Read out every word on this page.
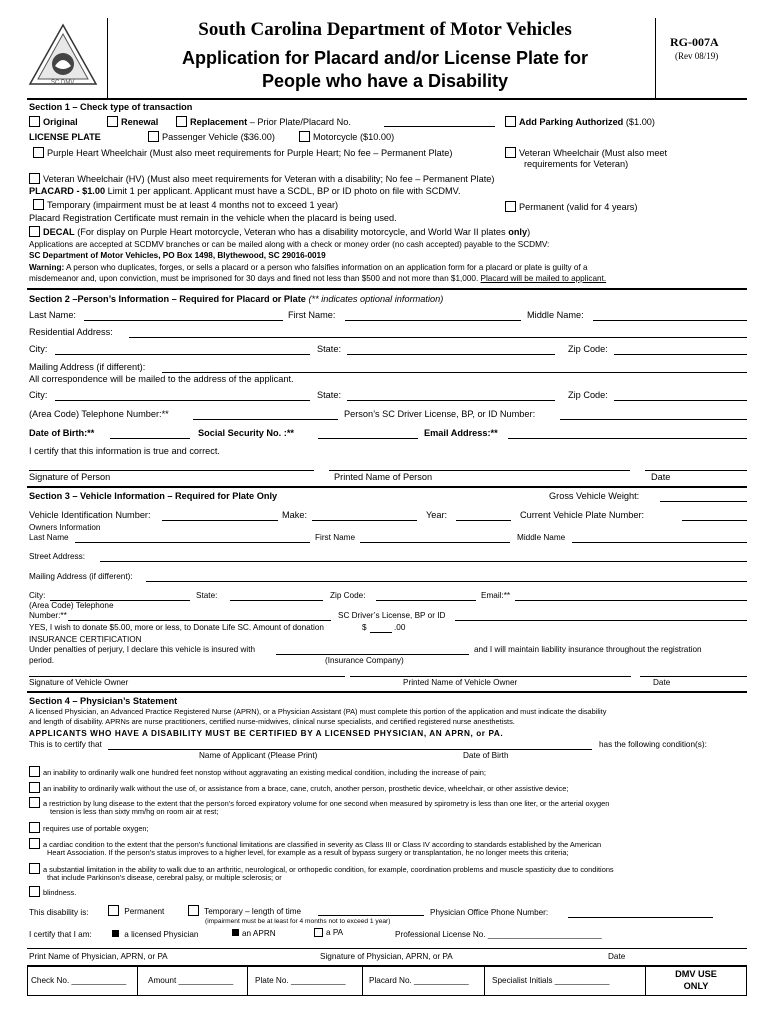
SC DMV
South Carolina Department of Motor Vehicles
Application for Placard and/or License Plate for
People who have a Disability
RG-007A
(Rev 08/19)
Section 1 – Check type of transaction
Original	Renewal	Replacement – Prior Plate/Placard No.	Add Parking Authorized ($1.00)
LICENSE PLATE	Passenger Vehicle ($36.00)	Motorcycle ($10.00)
Purple Heart Wheelchair (Must also meet requirements for Purple Heart; No fee – Permanent Plate)	Veteran Wheelchair (Must also meet
requirements for Veteran)
Veteran Wheelchair (HV) (Must also meet requirements for Veteran with a disability; No fee – Permanent Plate)
PLACARD - $1.00 Limit 1 per applicant. Applicant must have a SCDL, BP or ID photo on file with SCDMV.
Temporary (impairment must be at least 4 months not to exceed 1 year)	Permanent (valid for 4 years)
Placard Registration Certificate must remain in the vehicle when the placard is being used.
DECAL (For display on Purple Heart motorcycle, Veteran who has a disability motorcycle, and World War II plates only)
Applications are accepted at SCDMV branches or can be mailed along with a check or money order (no cash accepted) payable to the SCDMV:
SC Department of Motor Vehicles, PO Box 1498, Blythewood, SC 29016-0019
Warning: A person who duplicates, forges, or sells a placard or a person who falsifies information on an application form for a placard or plate is guilty of a
misdemeanor and, upon conviction, must be imprisoned for 30 days and fined not less than $500 and not more than $1,000. Placard will be mailed to applicant.
Section 2 –Person’s Information – Required for Placard or Plate (** indicates optional information)
Last Name:	First Name:	Middle Name:
Residential Address:
City:	State:	Zip Code:
Mailing Address (if different):
All correspondence will be mailed to the address of the applicant.
City:	State:	Zip Code:
(Area Code) Telephone Number:**	Person’s SC Driver License, BP, or ID Number:
Date of Birth:**	Social Security No. :**	Email Address:**
I certify that this information is true and correct.
Signature of Person	Printed Name of Person	Date
Section 3 – Vehicle Information – Required for Plate Only	Gross Vehicle Weight:
Vehicle Identification Number:	Make:	Year:	Current Vehicle Plate Number:
Owners Information
Last Name	First Name	Middle Name
Street Address:
Mailing Address (if different):
City:	State:	Zip Code:	Email:**
(Area Code) Telephone
Number:**	SC Driver’s License, BP or ID
YES, I wish to donate $5.00, more or less, to Donate Life SC. Amount of donation	$	.00
INSURANCE CERTIFICATION
Under penalties of perjury, I declare this vehicle is insured with	and I will maintain liability insurance throughout the registration
period.	(Insurance Company)
Signature of Vehicle Owner	Printed Name of Vehicle Owner	Date
Section 4 – Physician’s Statement
A licensed Physician, an Advanced Practice Registered Nurse (APRN), or a Physician Assistant (PA) must complete this portion of the application and must indicate the disability
and length of disability. APRNs are nurse practitioners, certified nurse-midwives, clinical nurse specialists, and certified registered nurse anesthetists.
APPLICANTS WHO HAVE A DISABILITY MUST BE CERTIFIED BY A LICENSED PHYSICIAN, AN APRN, or PA.
This is to certify that	has the following condition(s):
Name of Applicant (Please Print)	Date of Birth
an inability to ordinarily walk one hundred feet nonstop without aggravating an existing medical condition, including the increase of pain;
an inability to ordinarily walk without the use of, or assistance from a brace, cane, crutch, another person, prosthetic device, wheelchair, or other assistive device;
a restriction by lung disease to the extent that the person’s forced expiratory volume for one second when measured by spirometry is less than one liter, or the arterial oxygen
tension is less than sixty mm/hg on room air at rest;
requires use of portable oxygen;
a cardiac condition to the extent that the person’s functional limitations are classified in severity as Class III or Class IV according to standards established by the American
Heart Association. If the person’s status improves to a higher level, for example as a result of bypass surgery or transplantation, he no longer meets this criteria;
a substantial limitation in the ability to walk due to an arthritic, neurological, or orthopedic condition, for example, coordination problems and muscle spasticity due to conditions
that include Parkinson’s disease, cerebral palsy, or multiple sclerosis; or
blindness.
This disability is:	Permanent	Temporary – length of time	Physician Office Phone Number:
(impairment must be at least for 4 months not to exceed 1 year)
I certify that I am:	a licensed Physician	an APRN	a PA	Professional License No. _________________________
Print Name of Physician, APRN, or PA	Signature of Physician, APRN, or PA	Date
Check No. ____________	Amount ____________	Plate No. ____________	Placard No. ____________	Specialist Initials ____________
DMV USE
ONLY
